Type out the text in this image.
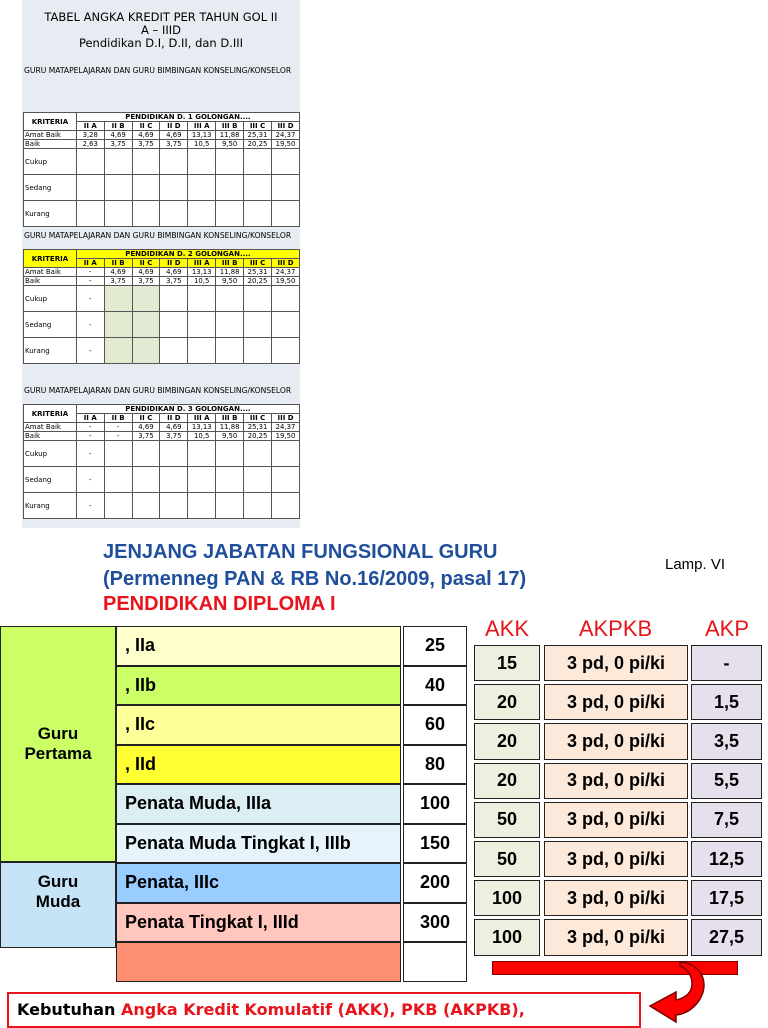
TABEL ANGKA KREDIT PER TAHUN GOL II
A – IIID
Pendidikan D.I, D.II, dan D.III
GURU MATAPELAJARAN DAN GURU BIMBINGAN KONSELING/KONSELOR
KRITERIA	PENDIDIKAN D. 1 GOLONGAN....							
	II A	II B	II C	II D	III A	III B	III C	III D
Amat Baik	3,28	4,69	4,69	4,69	13,13	11,88	25,31	24,37
Baik	2,63	3,75	3,75	3,75	10,5	9,50	20,25	19,50
Cukup								
Sedang								
Kurang								
GURU MATAPELAJARAN DAN GURU BIMBINGAN KONSELING/KONSELOR
KRITERIA	PENDIDIKAN D. 2 GOLONGAN....							
	II A	II B	II C	II D	III A	III B	III C	III D
Amat Baik	-	4,69	4,69	4,69	13,13	11,88	25,31	24,37
Baik	-	3,75	3,75	3,75	10,5	9,50	20,25	19,50
Cukup	-							
Sedang	-							
Kurang	-							
GURU MATAPELAJARAN DAN GURU BIMBINGAN KONSELING/KONSELOR
KRITERIA	PENDIDIKAN D. 3 GOLONGAN....							
	II A	II B	II C	II D	III A	III B	III C	III D
Amat Baik	-	-	4,69	4,69	13,13	11,88	25,31	24,37
Baik	-	-	3,75	3,75	10,5	9,50	20,25	19,50
Cukup	-							
Sedang	-							
Kurang	-							
JENJANG JABATAN FUNGSIONAL GURU
(Permenneg PAN & RB No.16/2009, pasal 17)
PENDIDIKAN DIPLOMA I
Lamp. VI
Guru Pertama
Guru Muda
, IIa	25
, IIb	40
, IIc	60
, IId	80
Penata Muda, IIIa	100
Penata Muda Tingkat I, IIIb	150
Penata, IIIc	200
Penata Tingkat I, IIId	300
AKK	AKPKB	AKP
15	3 pd, 0 pi/ki	-
20	3 pd, 0 pi/ki	1,5
20	3 pd, 0 pi/ki	3,5
20	3 pd, 0 pi/ki	5,5
50	3 pd, 0 pi/ki	7,5
50	3 pd, 0 pi/ki	12,5
100	3 pd, 0 pi/ki	17,5
100	3 pd, 0 pi/ki	27,5
Kebutuhan Angka Kredit Komulatif (AKK), PKB (AKPKB),
